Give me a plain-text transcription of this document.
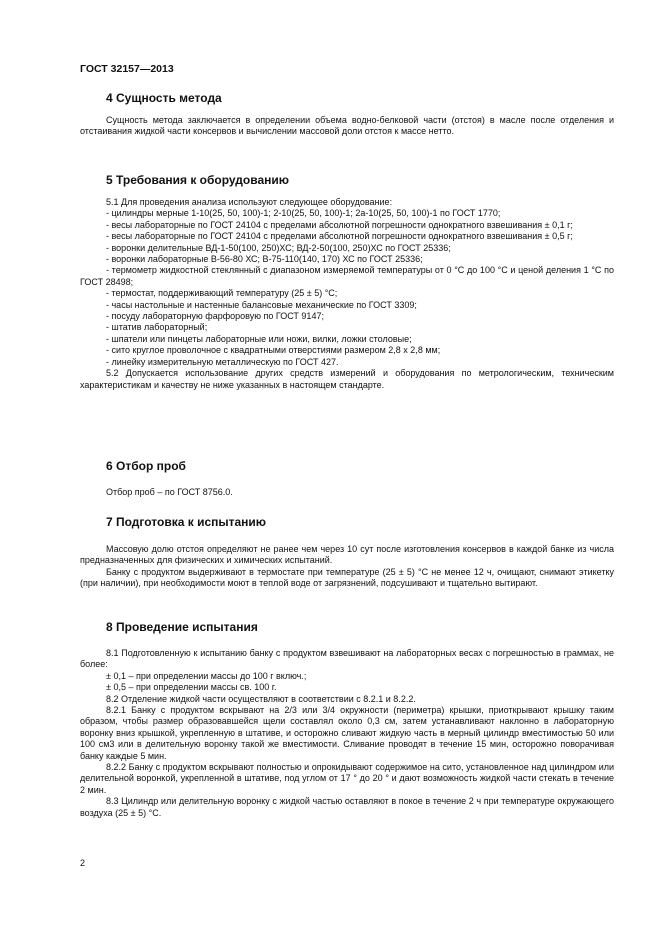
ГОСТ 32157—2013
4 Сущность метода

Сущность метода заключается в определении объема водно-белковой части (отстоя) в масле после отделения и отстаивания жидкой части консервов и вычислении массовой доли отстоя к массе нетто.

5 Требования к оборудованию
5.1 Для проведения анализа используют следующее оборудование:
- цилиндры мерные 1-10(25, 50, 100)-1; 2-10(25, 50, 100)-1; 2а-10(25, 50, 100)-1 по ГОСТ 1770;
- весы лабораторные по ГОСТ 24104 с пределами абсолютной погрешности однократного взвешивания ± 0,1 г;
- весы лабораторные по ГОСТ 24104 с пределами абсолютной погрешности однократного взвешивания ± 0,5 г;
- воронки делительные ВД-1-50(100, 250)ХС; ВД-2-50(100, 250)ХС по ГОСТ 25336;
- воронки лабораторные В-56-80 ХС; В-75-110(140, 170) ХС по ГОСТ 25336;
- термометр жидкостной стеклянный с диапазоном измеряемой температуры от 0 °С до 100 °С и ценой деления 1 °С по ГОСТ 28498;
- термостат, поддерживающий температуру (25 ± 5) °С;
- часы настольные и настенные балансовые механические по ГОСТ 3309;
- посуду лабораторную фарфоровую по ГОСТ 9147;
- штатив лабораторный;
- шпатели или пинцеты лабораторные или ножи, вилки, ложки столовые;
- сито круглое проволочное с квадратными отверстиями размером 2,8 х 2,8 мм;
- линейку измерительную металлическую по ГОСТ 427.
5.2 Допускается использование других средств измерений и оборудования по метрологическим, техническим характеристикам и качеству не ниже указанных в настоящем стандарте.
6 Отбор проб

Отбор проб – по ГОСТ 8756.0.

7 Подготовка к испытанию
Массовую долю отстоя определяют не ранее чем через 10 сут после изготовления консервов в каждой банке из числа предназначенных для физических и химических испытаний.
Банку с продуктом выдерживают в термостате при температуре (25 ± 5) °С не менее 12 ч, очищают, снимают этикетку (при наличии), при необходимости моют в теплой воде от загрязнений, подсушивают и тщательно вытирают.
8 Проведение испытания
8.1 Подготовленную к испытанию банку с продуктом взвешивают на лабораторных весах с погрешностью в граммах, не более:
± 0,1 – при определении массы до 100 г включ.;
± 0,5 – при определении массы св. 100 г.
8.2 Отделение жидкой части осуществляют в соответствии с 8.2.1 и 8.2.2.
8.2.1 Банку с продуктом вскрывают на 2/3 или 3/4 окружности (периметра) крышки, приоткрывают крышку таким образом, чтобы размер образовавшейся щели составлял около 0,3 см, затем устанавливают наклонно в лабораторную воронку вниз крышкой, укрепленную в штативе, и осторожно сливают жидкую часть в мерный цилиндр вместимостью 50 или 100 см3 или в делительную воронку такой же вместимости. Сливание проводят в течение 15 мин, осторожно поворачивая банку каждые 5 мин.
8.2.2 Банку с продуктом вскрывают полностью и опрокидывают содержимое на сито, установленное над цилиндром или делительной воронкой, укрепленной в штативе, под углом от 17 ° до 20 ° и дают возможность жидкой части стекать в течение 2 мин.
8.3 Цилиндр или делительную воронку с жидкой частью оставляют в покое в течение 2 ч при температуре окружающего воздуха (25 ± 5) °С.
2
